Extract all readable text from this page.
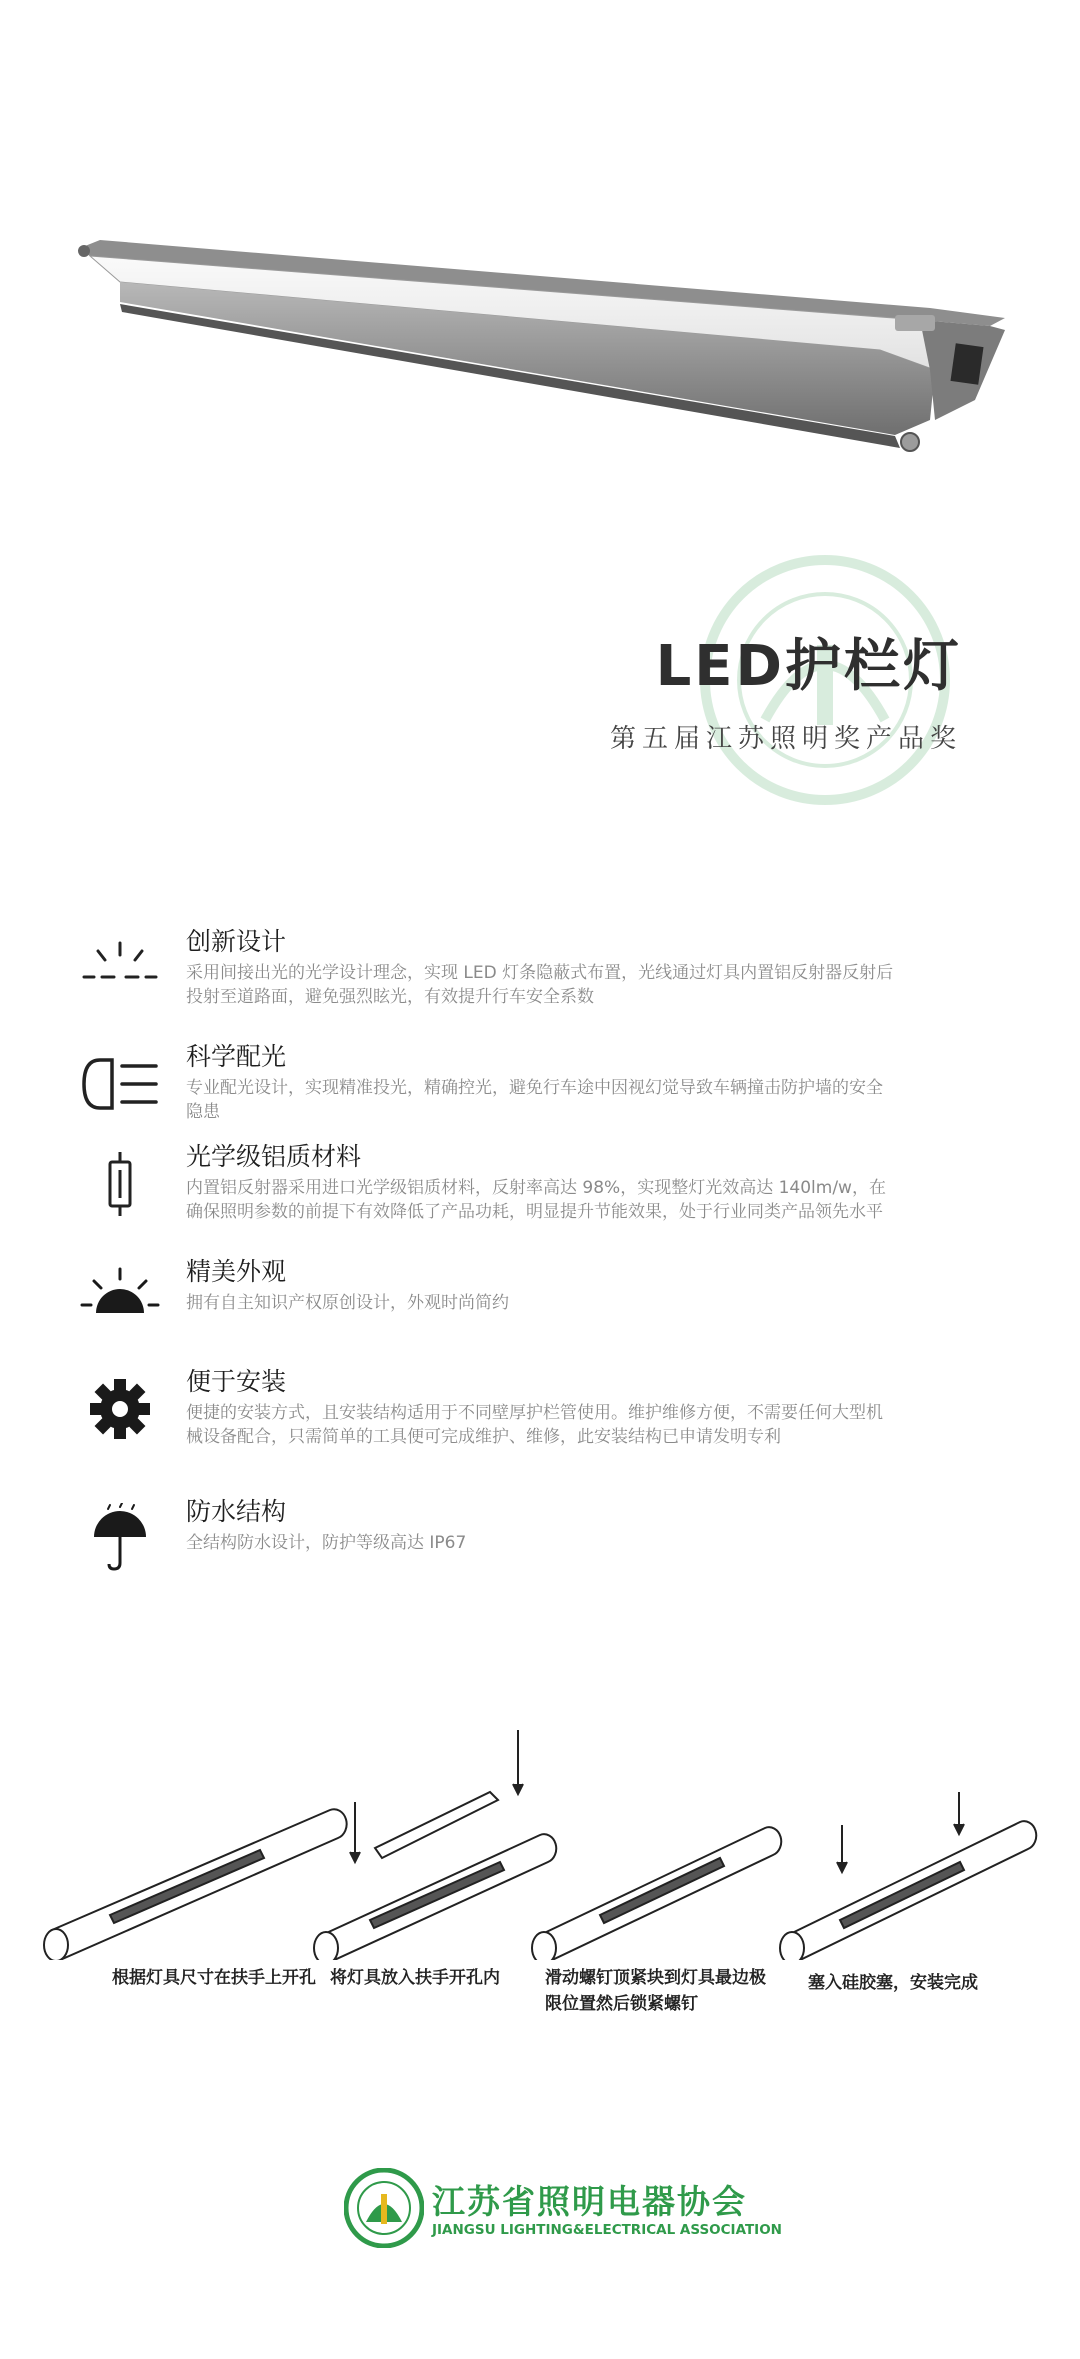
LED护栏灯
第五届江苏照明奖产品奖
创新设计
采用间接出光的光学设计理念，实现 LED 灯条隐蔽式布置，光线通过灯具内置铝反射器反射后
投射至道路面，避免强烈眩光，有效提升行车安全系数
科学配光
专业配光设计，实现精准投光，精确控光，避免行车途中因视幻觉导致车辆撞击防护墙的安全
隐患
光学级铝质材料
内置铝反射器采用进口光学级铝质材料，反射率高达 98%，实现整灯光效高达 140lm/w，在
确保照明参数的前提下有效降低了产品功耗，明显提升节能效果，处于行业同类产品领先水平
精美外观
拥有自主知识产权原创设计，外观时尚简约
便于安装
便捷的安装方式，且安装结构适用于不同壁厚护栏管使用。维护维修方便，不需要任何大型机
械设备配合，只需简单的工具便可完成维护、维修，此安装结构已申请发明专利
防水结构
全结构防水设计，防护等级高达 IP67
根据灯具尺寸在扶手上开孔 将灯具放入扶手开孔内	滑动螺钉顶紧块到灯具最边极
限位置然后锁紧螺钉
塞入硅胶塞，安装完成
江苏省照明电器协会
JIANGSU LIGHTING&ELECTRICAL ASSOCIATION
